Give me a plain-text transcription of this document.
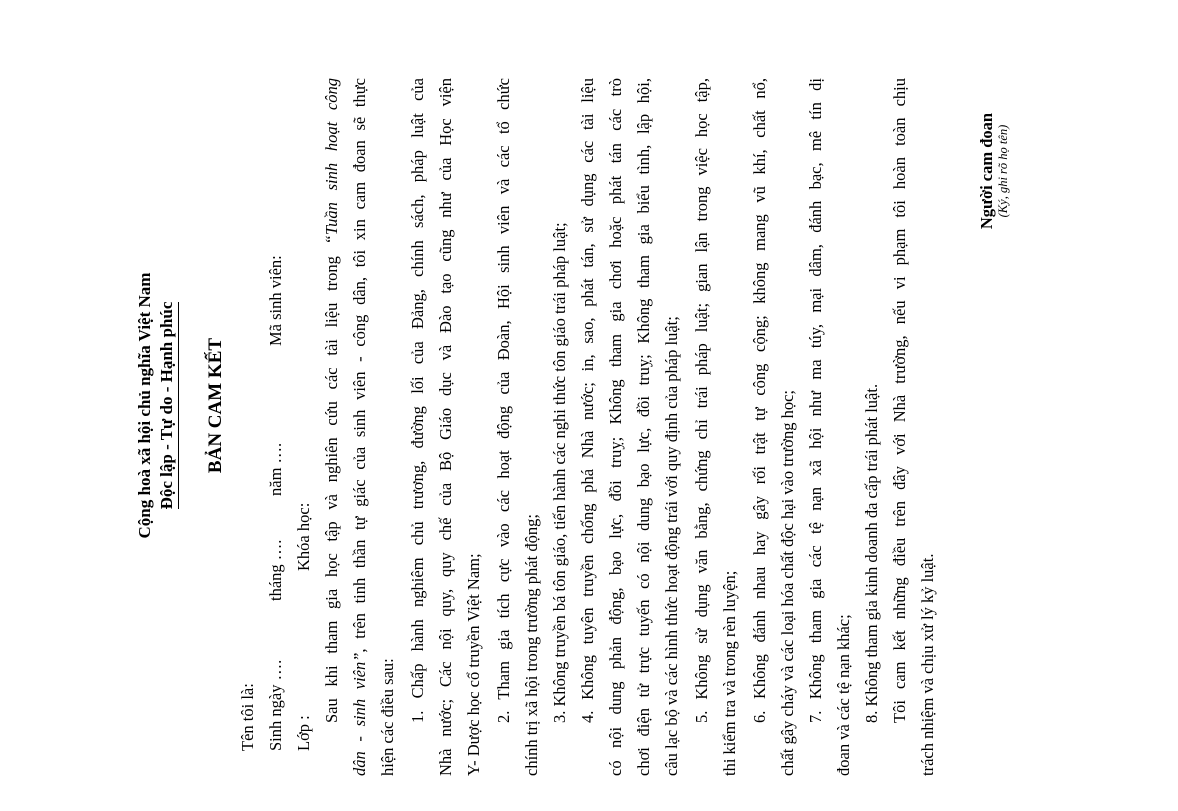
Cộng hoà xã hội chủ nghĩa Việt Nam Độc lập - Tự do - Hạnh phúc BẢN CAM KẾT
Tên tôi là: Sinh ngày ….
tháng ….
năm ….
Mã sinh viên:
Lớp :
Khóa học: Sau khi tham gia học tập và nghiên cứu các tài liệu trong “Tuần sinh hoạt công
dân - sinh viên”, trên tinh thần tự giác của sinh viên - công dân, tôi xin cam đoan sẽ thực
hiện các điều sau: 1. Chấp hành nghiêm chủ trương, đường lối của Đảng, chính sách, pháp luật của Nhà nước; Các nội quy, quy chế của Bộ Giáo dục và Đào tạo cũng như của Học viện Y- Dược học cổ truyền Việt Nam; 2. Tham gia tích cực vào các hoạt động của Đoàn, Hội sinh viên và các tổ chức chính trị xã hội trong trường phát động; 3. Không truyền bá tôn giáo, tiến hành các nghi thức tôn giáo trái pháp luật; 4. Không tuyên truyền chống phá Nhà nước; in, sao, phát tán, sử dụng các tài liệu có nội dung phản động, bạo lực, đồi truỵ; Không tham gia chơi hoặc phát tán các trò chơi điện tử trực tuyến có nội dung bạo lực, đồi truỵ; Không tham gia biểu tình, lập hội, câu lạc bộ và các hình thức hoạt động trái với quy định của pháp luật; 5. Không sử dụng văn bằng, chứng chỉ trái pháp luật; gian lận trong việc học tập, thi kiểm tra và trong rèn luyện; 6. Không đánh nhau hay gây rối trật tự công cộng; không mang vũ khí, chất nổ, chất gây cháy và các loại hóa chất độc hại vào trường học; 7. Không tham gia các tệ nạn xã hội như ma túy, mại dâm, đánh bạc, mê tín dị đoan và các tệ nạn khác; 8. Không tham gia kinh doanh đa cấp trái phát luật. Tôi cam kết những điều trên đây với Nhà trường, nếu vi phạm tôi hoàn toàn chịu trách nhiệm và chịu xử lý kỷ luật.
Người cam đoan (Ký, ghi rõ họ tên)
